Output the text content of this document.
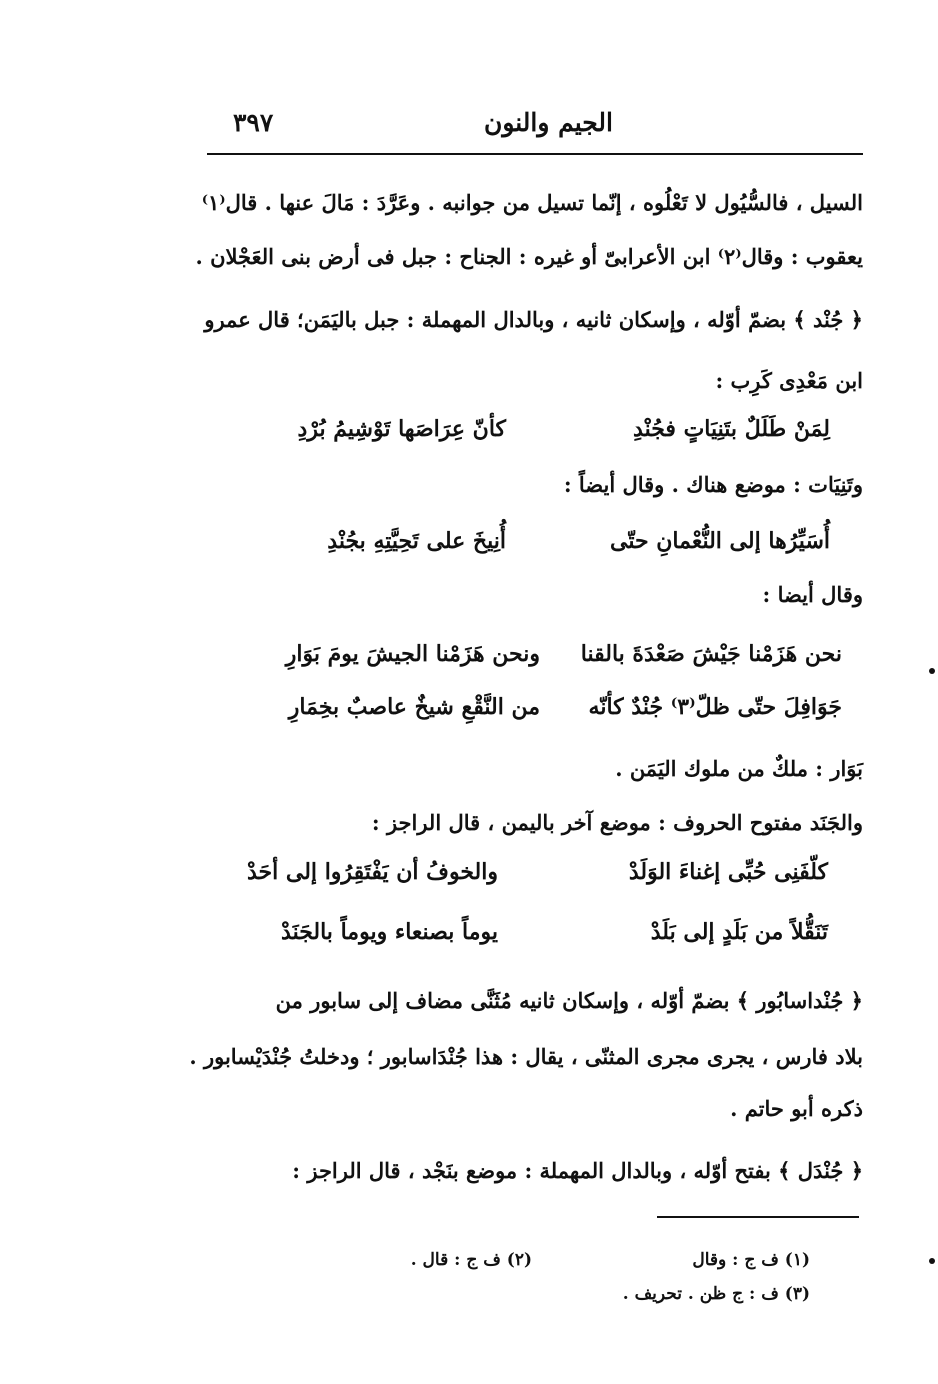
الجيم والنون
٣٩٧
السيل ، فالسُّيُول لا تَعْلُوه ، إنّما تسيل من جوانبه . وعَرَّدَ : مَالَ عنها . قال⁽١⁾
يعقوب : وقال⁽٢⁾ ابن الأعرابىّ أو غيره : الجناح : جبل فى أرض بنى العَجْلان .
﴿ جُنْد ﴾ بضمّ أوّله ، وإسكان ثانيه ، وبالدال المهملة : جبل باليَمَن؛ قال عمرو
ابن مَعْدِى كَرِب :
لِمَنْ طَلَلٌ بتَنِيَاتٍ فجُنْدِ
كأنّ عِرَاصَها تَوْشِيمُ بُرْدِ
وتَنِيَات : موضع هناك . وقال أيضاً :
أُسَيِّرُها إلى النُّعْمانِ حتّى
أُنِيخَ على تَحِيَّتِهِ بجُنْدِ
وقال أيضا :
نحن هَزَمْنا جَيْشَ صَعْدَةَ بالقنا
ونحن هَزَمْنا الجيشَ يومَ بَوَارِ
جَوَافِلَ حتّى ظلّ⁽٣⁾ جُنْدٌ كأنّه
من النَّقْعِ شيخٌ عاصبٌ بخِمَارِ
بَوَار : ملكٌ من ملوك اليَمَن .
والجَنَد مفتوح الحروف : موضع آخر باليمن ، قال الراجز :
كلّفَنِى حُبِّى إغناءَ الوَلَدْ
والخوفُ أن يَفْتَقِرُوا إلى أحَدْ
تَنَقُّلاً من بَلَدٍ إلى بَلَدْ
يوماً بصنعاء ويوماً بالجَنَدْ
﴿ جُنْداسابُور ﴾ بضمّ أوّله ، وإسكان ثانيه مُثَنَّى مضاف إلى سابور من
بلاد فارس ، يجرى مجرى المثنّى ، يقال : هذا جُنْدَاسابور ؛ ودخلتُ جُنْدَيْسابور .
ذكره أبو حاتم .
﴿ جُنْدَل ﴾ بفتح أوّله ، وبالدال المهملة : موضع بنَجْد ، قال الراجز :
(١) ف ج : وقال
(٢) ف ج : قال .
(٣) ف : ج ظن . تحريف .
